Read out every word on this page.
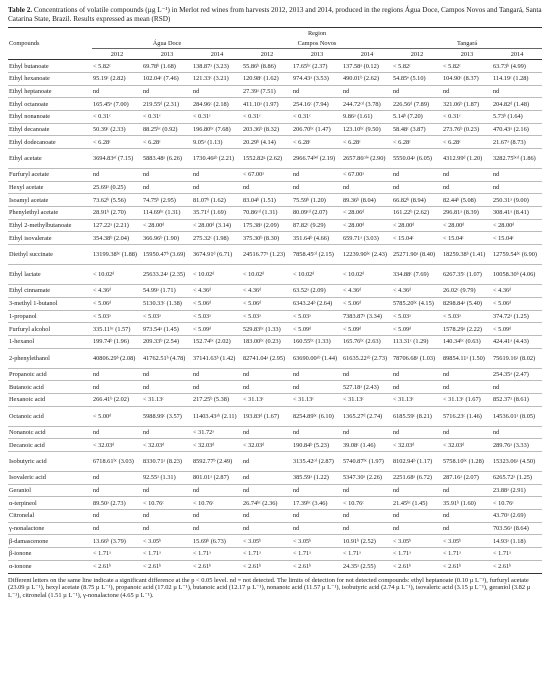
Table 2. Concentrations of volatile compounds (µg L⁻¹) in Merlot red wines from harvests 2012, 2013 and 2014, produced in the regions Água Doce, Campos Novos and Tangará, Santa Catarina State, Brazil. Results expressed as mean (RSD)

Compounds	Region								
	Água Doce			Campos Novos			Tangará		
	2012	2013	2014	2012	2013	2014	2012	2013	2014
Ethyl butanoate	< 5.82ᶜ	69.78ᵇ (1.68)	138.87ᵃ (3.23)	55.86ᵇ (8.86)	17.65ᵇᶜ (2.37)	137.58ᵃ (0.12)	< 5.82ᶜ	< 5.82ᶜ	63.73ᵇ (4.99)
Ethyl hexanoate	95.19ᶜ (2.82)	102.04ᶜ (7.46)	121.33ᶜ (3.21)	120.98ᶜ (1.62)	974.43ᵃ (3.53)	490.01ᵇ (2.62)	54.85ᵉ (5.10)	104.90ᶜ (8.37)	114.19ᶜ (1.28)
Ethyl heptanoate	nd	nd	nd	27.39ᵃ (7.51)	nd	nd	nd	nd	nd
Ethyl octanoate	165.45ᵉ (7.00)	219.55ᵈ (2.31)	284.96ᶜ (2.18)	411.10ᵃ (1.97)	254.16ᶜ (7.94)	244.72ᶜᵈ (3.78)	226.56ᵈ (7.89)	321.06ᵇ (1.87)	204.82ᵈ (1.48)
Ethyl nonanoate	< 0.31ᶜ	< 0.31ᶜ	< 0.31ᶜ	< 0.31ᶜ	< 0.31ᶜ	9.86ᵃ (1.61)	5.14ᵇ (7.20)	< 0.31ᶜ	5.73ᵇ (1.64)
Ethyl decanoate	50.39ᶜ (2.33)	88.25ᵇᶜ (0.92)	196.80ᵇᶜ (7.68)	203.36ᵇ (8.32)	206.70ᵇᶜ (1.47)	123.10ᵇᶜ (9.50)	58.48ᶜ (3.87)	273.76ᵇ (0.23)	470.43ᵃ (2.16)
Ethyl dodecanoate	< 6.28ᶜ	< 6.28ᶜ	9.05ᵃ (1.13)	20.29ᵇ (4.14)	< 6.28ᶜ	< 6.28ᶜ	< 6.28ᶜ	< 6.28ᶜ	21.67ᵃ (8.73)
Ethyl acetate	3694.83ᵉᶠ (7.15)	5883.48ᵃ (6.26)	1730.46ᵍᵇ (2.21)	1552.82ᵍ (2.62)	2966.74ᵇᵉᶠ (2.19)	2657.86ᶜᵈᵉ (2.90)	5550.04ᵃ (6.05)	4312.99ᵈ (1.20)	3282.75ᵇᶜᵈ (1.86)
Furfuryl acetate	nd	nd	nd	< 67.00ᵃ	nd	< 67.00ᵃ	nd	nd	nd
Hexyl acetate	25.69ᵃ (0.25)	nd	nd	nd	nd	nd	nd	nd	nd
Isoamyl acetate	73.62ᵇ (5.56)	74.75ᵇ (2.95)	81.07ᵇ (1.62)	83.04ᵇ (1.51)	75.59ᵇ (1.20)	89.36ᵇ (8.04)	66.82ᵇ (8.94)	82.44ᵇ (5.08)	250.31ᵃ (9.00)
Phenylethyl acetate	28.91ᵇ (2.70)	114.69ᵇᶜ (1.31)	35.71ᵈ (1.69)	70.86ᶜᵈ (1.31)	80.09ᶜᵈ (2.07)	< 28.06ᵈ	161.22ᵇ (2.62)	296.81ᵃ (8.39)	308.41ᵃ (8.41)
Ethyl 2-methylbutanoate	127.22ᵃ (2.21)	< 28.00ᵈ	< 28.00ᵈ (3.14)	175.38ᵃ (2.09)	87.82ᶜ (9.29)	< 28.00ᵈ	< 28.00ᵈ	< 28.00ᵈ	< 28.00ᵈ
Ethyl isovalerate	354.38ᵇ (2.04)	366.96ᵇ (1.90)	275.32ᶜ (1.98)	375.30ᵇ (8.30)	351.64ᵇ (4.66)	659.71ᵃ (3.03)	< 15.04ᶜ	< 15.04ᶜ	< 15.04ᶜ
Diethyl succinate	13199.38ᵇᶜ (1.88)	15950.47ᵇ (3.69)	3674.91ᵈ (6.71)	24516.77ᵃ (1.23)	7858.45ᶜᵈ (2.15)	12239.90ᵇᶜ (2.43)	25271.90ᵃ (8.40)	18259.38ᵇ (1.41)	12759.54ᵇᶜ (6.90)
Ethyl lactate	< 10.02ᵈ	25633.24ᵃ (2.35)	< 10.02ᵈ	< 10.02ᵈ	< 10.02ᵈ	< 10.02ᵈ	334.88ᶜ (7.69)	6267.35ᶜ (1.07)	10058.30ᵇ (4.06)
Ethyl cinnamate	< 4.36ᵈ	54.99ᵃ (1.71)	< 4.36ᵈ	< 4.36ᵈ	63.52ᵃ (2.09)	< 4.36ᵈ	< 4.36ᵈ	26.02ᶜ (9.79)	< 4.36ᵈ
3-methyl 1-butanol	< 5.06ᵈ	5130.33ᶜ (1.38)	< 5.06ᵈ	< 5.06ᵈ	6343.24ᵇ (2.64)	< 5.06ᵈ	5785.20ᵇᶜ (4.15)	8298.84ᵃ (5.40)	< 5.06ᵈ
1-propanol	< 5.03ᵃ	< 5.03ᵃ	< 5.03ᵃ	< 5.03ᵃ	< 5.03ᵃ	7383.87ᵃ (3.34)	< 5.03ᵃ	< 5.03ᵃ	374.72ᵃ (1.25)
Furfuryl alcohol	335.11ᵇᶜ (1.57)	973.54ᵃ (1.45)	< 5.09ᵈ	529.83ᵇᶜ (1.33)	< 5.09ᵈ	< 5.09ᵈ	< 5.09ᵈ	1578.29ᵃ (2.22)	< 5.09ᵈ
1-hexanol	199.74ᵇ (1.96)	209.33ᵇ (2.54)	152.74ᵇᶜ (2.02)	183.00ᵇᶜ (0.23)	160.55ᵇᶜ (1.33)	165.76ᵇᶜ (2.63)	113.31ᶜ (1.29)	140.34ᵇᶜ (0.63)	424.41ᵃ (4.43)
2-phenylethanol	40806.29ᵇ (2.08)	41762.51ᵇ (4.78)	37141.63ᵇ (1.42)	82741.04ᵃ (2.95)	63690.00ᵃᵇ (1.44)	61635.22ᵃᵇ (2.73)	78706.68ᵃ (1.03)	89854.11ᵃ (1.50)	75619.16ᵃ (8.02)
Propanoic acid	nd	nd	nd	nd	nd	nd	nd	nd	254.35ᵃ (2.47)
Butanoic acid	nd	nd	nd	nd	nd	527.18ᵃ (2.43)	nd	nd	nd
Hexanoic acid	266.41ᵇ (2.02)	< 31.13ᶜ	217.25ᵇ (5.38)	< 31.13ᶜ	< 31.13ᶜ	< 31.13ᶜ	< 31.13ᶜ	< 31.13ᶜ (1.67)	852.37ᵃ (8.61)
Octanoic acid	< 5.00ᵈ	5988.99ᶜ (3.57)	11403.43ᵃᵇ (2.11)	193.83ᵈ (1.67)	8254.89ᵇᶜ (6.10)	1365.27ᵈ (2.74)	6185.59ᶜ (8.21)	5716.23ᶜ (1.46)	14536.01ᵃ (8.05)
Nonanoic acid	nd	nd	< 31.72ᵃ	nd	nd	nd	nd	nd	nd
Decanoic acid	< 32.03ᵈ	< 32.03ᵈ	< 32.03ᵈ	< 32.03ᵈ	190.84ᵇ (5.23)	39.08ᶜ (1.46)	< 32.03ᵈ	< 32.03ᵈ	289.76ᵃ (3.33)
Isobutyric acid	6718.61ᵇᶜ (3.03)	8330.71ᵃ (8.23)	8592.77ᵇ (2.49)	nd	3135.42ᶜᵈ (2.87)	5740.87ᵇᶜ (1.97)	8102.94ᵇ (1.17)	5758.10ᵇᶜ (1.28)	15323.06ᵃ (4.50)
Isovaleric acid	nd	92.55ᵃ (1.31)	801.01ᵃ (2.87)	nd	385.59ᵃ (1.22)	5347.30ᵃ (2.26)	2251.68ᵃ (6.72)	287.16ᵃ (2.07)	6265.72ᵃ (1.25)
Geraniol	nd	nd	nd	nd	nd	nd	nd	nd	23.88ᵃ (2.91)
α-terpineol	89.50ᵃ (2.73)	< 10.76ᶜ	< 10.76ᶜ	26.74ᵇᶜ (2.36)	17.39ᵇᶜ (3.46)	< 10.76ᶜ	21.45ᵇᶜ (1.45)	35.91ᵇ (1.60)	< 10.76ᶜ
Citronelal	nd	nd	nd	nd	nd	nd	nd	nd	43.70ᵃ (2.69)
γ-nonalactone	nd	nd	nd	nd	nd	nd	nd	nd	703.56ᵃ (8.64)
β-damascenone	13.66ᵇ (3.79)	< 3.05ᵇ	15.69ᵇ (6.73)	< 3.05ᵇ	< 3.05ᵇ	10.91ᵇ (2.52)	< 3.05ᵇ	< 3.05ᵇ	14.93ᵃ (1.18)
β-ionone	< 1.71ᵃ	< 1.71ᵃ	< 1.71ᵃ	< 1.71ᵃ	< 1.71ᵃ	< 1.71ᵃ	< 1.71ᵃ	< 1.71ᵃ	< 1.71ᵃ
α-ionone	< 2.61ᵇ	< 2.61ᵇ	< 2.61ᵇ	< 2.61ᵇ	< 2.61ᵇ	24.35ᵃ (2.55)	< 2.61ᵇ	< 2.61ᵇ	< 2.61ᵇ

Different letters on the same line indicate a significant difference at the p < 0.05 level. nd = not detected. The limits of detection for not detected compounds: ethyl heptanoate (0.10 µ L⁻¹), furfuryl acetate (23.09 µ L⁻¹), hexyl acetate (8.75 µ L⁻¹), propanoic acid (17.02 µ L⁻¹), butanoic acid (12.17 µ L⁻¹), nonanoic acid (11.57 µ L⁻¹), isobutyric acid (2.74 µ L⁻¹), isovaleric acid (3.15 µ L⁻¹), geraniol (3.82 µ L⁻¹), citronelal (1.51 µ L⁻¹), γ-nonalactone (4.65 µ L⁻¹).
